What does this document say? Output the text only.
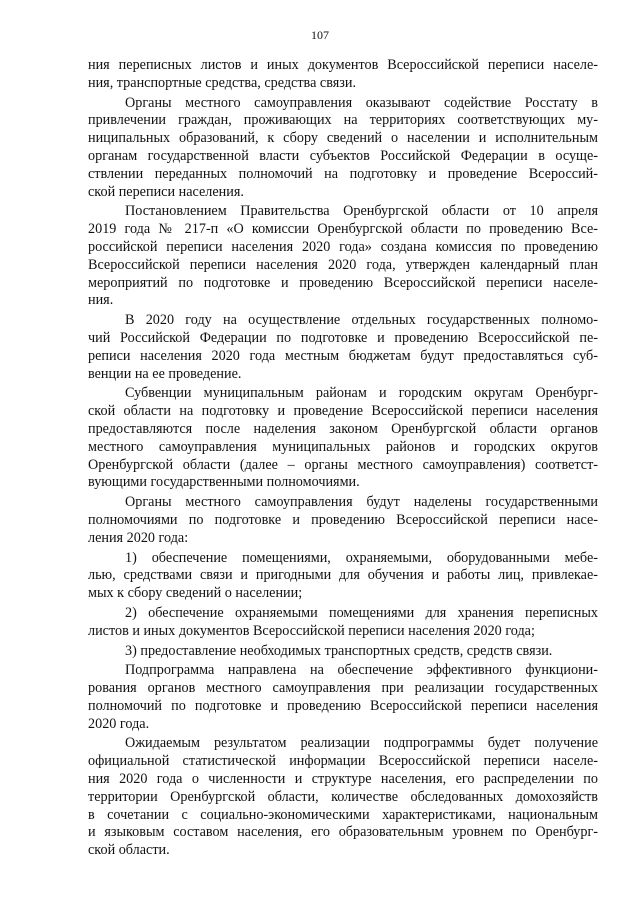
107
ния переписных листов и иных документов Всероссийской переписи населе-
ния, транспортные средства, средства связи.
Органы местного самоуправления оказывают содействие Росстату в
привлечении граждан, проживающих на территориях соответствующих му-
ниципальных образований, к сбору сведений о населении и исполнительным
органам государственной власти субъектов Российской Федерации в осуще-
ствлении переданных полномочий на подготовку и проведение Всероссий-
ской переписи населения.
Постановлением Правительства Оренбургской области от 10 апреля
2019 года № 217-п «О комиссии Оренбургской области по проведению Все-
российской переписи населения 2020 года» создана комиссия по проведению
Всероссийской переписи населения 2020 года, утвержден календарный план
мероприятий по подготовке и проведению Всероссийской переписи населе-
ния.
В 2020 году на осуществление отдельных государственных полномо-
чий Российской Федерации по подготовке и проведению Всероссийской пе-
реписи населения 2020 года местным бюджетам будут предоставляться суб-
венции на ее проведение.
Субвенции муниципальным районам и городским округам Оренбург-
ской области на подготовку и проведение Всероссийской переписи населения
предоставляются после наделения законом Оренбургской области органов
местного самоуправления муниципальных районов и городских округов
Оренбургской области (далее – органы местного самоуправления) соответст-
вующими государственными полномочиями.
Органы местного самоуправления будут наделены государственными
полномочиями по подготовке и проведению Всероссийской переписи насе-
ления 2020 года:
1) обеспечение помещениями, охраняемыми, оборудованными мебе-
лью, средствами связи и пригодными для обучения и работы лиц, привлекае-
мых к сбору сведений о населении;
2) обеспечение охраняемыми помещениями для хранения переписных
листов и иных документов Всероссийской переписи населения 2020 года;
3) предоставление необходимых транспортных средств, средств связи.
Подпрограмма направлена на обеспечение эффективного функциони-
рования органов местного самоуправления при реализации государственных
полномочий по подготовке и проведению Всероссийской переписи населения
2020 года.
Ожидаемым результатом реализации подпрограммы будет получение
официальной статистической информации Всероссийской переписи населе-
ния 2020 года о численности и структуре населения, его распределении по
территории Оренбургской области, количестве обследованных домохозяйств
в сочетании с социально-экономическими характеристиками, национальным
и языковым составом населения, его образовательным уровнем по Оренбург-
ской области.
